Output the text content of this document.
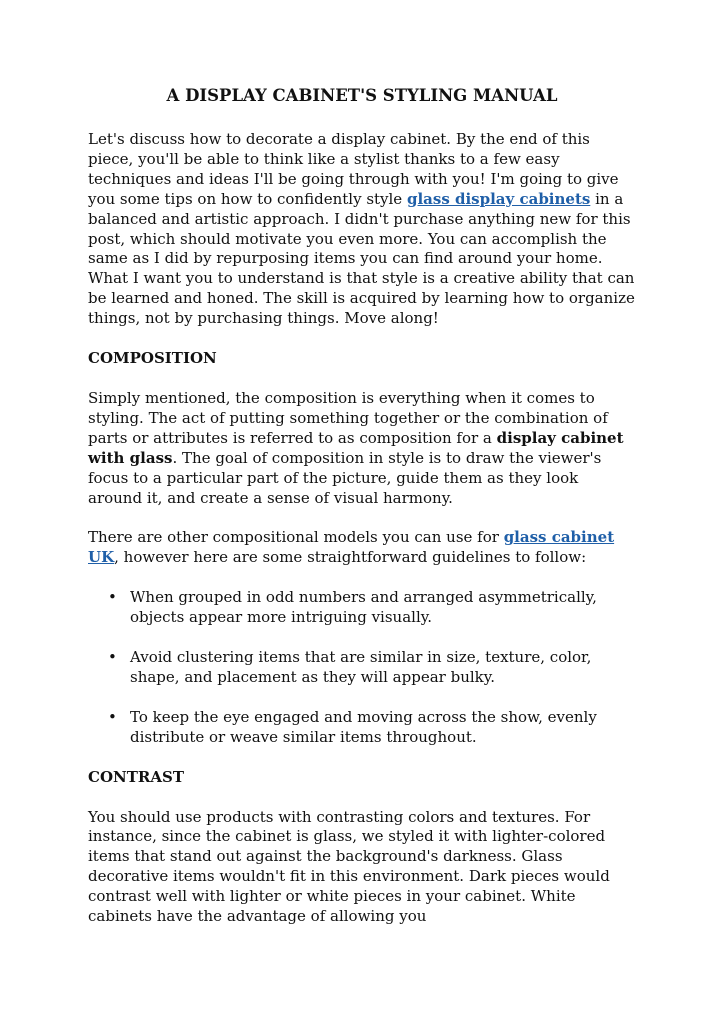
A DISPLAY CABINET'S STYLING MANUAL

Let's discuss how to decorate a display cabinet. By the end of this piece, you'll be able to think like a stylist thanks to a few easy techniques and ideas I'll be going through with you! I'm going to give you some tips on how to confidently style glass display cabinets in a balanced and artistic approach. I didn't purchase anything new for this post, which should motivate you even more. You can accomplish the same as I did by repurposing items you can find around your home. What I want you to understand is that style is a creative ability that can be learned and honed. The skill is acquired by learning how to organize things, not by purchasing things. Move along!

COMPOSITION

Simply mentioned, the composition is everything when it comes to styling. The act of putting something together or the combination of parts or attributes is referred to as composition for a display cabinet with glass. The goal of composition in style is to draw the viewer's focus to a particular part of the picture, guide them as they look around it, and create a sense of visual harmony.

There are other compositional models you can use for glass cabinet UK, however here are some straightforward guidelines to follow:

• When grouped in odd numbers and arranged asymmetrically, objects appear more intriguing visually.
• Avoid clustering items that are similar in size, texture, color, shape, and placement as they will appear bulky.
• To keep the eye engaged and moving across the show, evenly distribute or weave similar items throughout.
CONTRAST

You should use products with contrasting colors and textures. For instance, since the cabinet is glass, we styled it with lighter-colored items that stand out against the background's darkness. Glass decorative items wouldn't fit in this environment. Dark pieces would contrast well with lighter or white pieces in your cabinet. White cabinets have the advantage of allowing you
